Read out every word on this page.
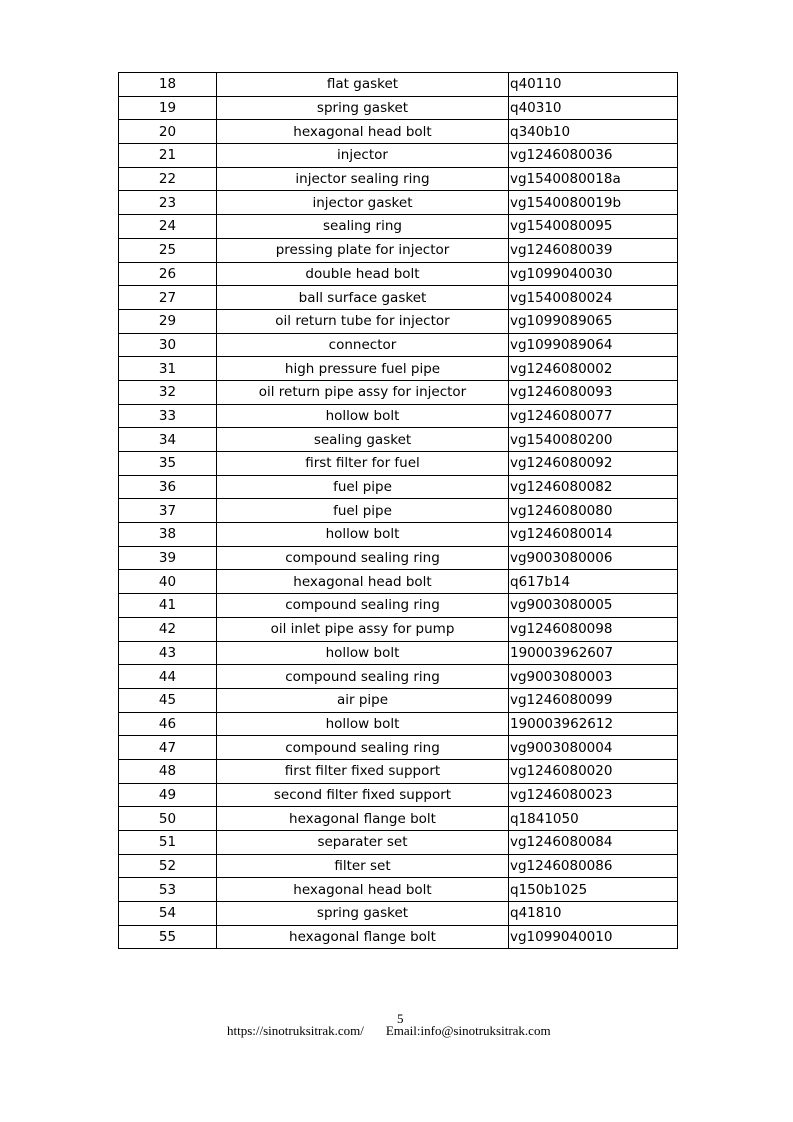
18	flat gasket	q40110
19	spring gasket	q40310
20	hexagonal head bolt	q340b10
21	injector	vg1246080036
22	injector sealing ring	vg1540080018a
23	injector gasket	vg1540080019b
24	sealing ring	vg1540080095
25	pressing plate for injector	vg1246080039
26	double head bolt	vg1099040030
27	ball surface gasket	vg1540080024
29	oil return tube for injector	vg1099089065
30	connector	vg1099089064
31	high pressure fuel pipe	vg1246080002
32	oil return pipe assy for injector	vg1246080093
33	hollow bolt	vg1246080077
34	sealing gasket	vg1540080200
35	first filter for fuel	vg1246080092
36	fuel pipe	vg1246080082
37	fuel pipe	vg1246080080
38	hollow bolt	vg1246080014
39	compound sealing ring	vg9003080006
40	hexagonal head bolt	q617b14
41	compound sealing ring	vg9003080005
42	oil inlet pipe assy for pump	vg1246080098
43	hollow bolt	190003962607
44	compound sealing ring	vg9003080003
45	air pipe	vg1246080099
46	hollow bolt	190003962612
47	compound sealing ring	vg9003080004
48	first filter fixed support	vg1246080020
49	second filter fixed support	vg1246080023
50	hexagonal flange bolt	q1841050
51	separater set	vg1246080084
52	filter set	vg1246080086
53	hexagonal head bolt	q150b1025
54	spring gasket	q41810
55	hexagonal flange bolt	vg1099040010
5
https://sinotruksitrak.com/ Email:info@sinotruksitrak.com
